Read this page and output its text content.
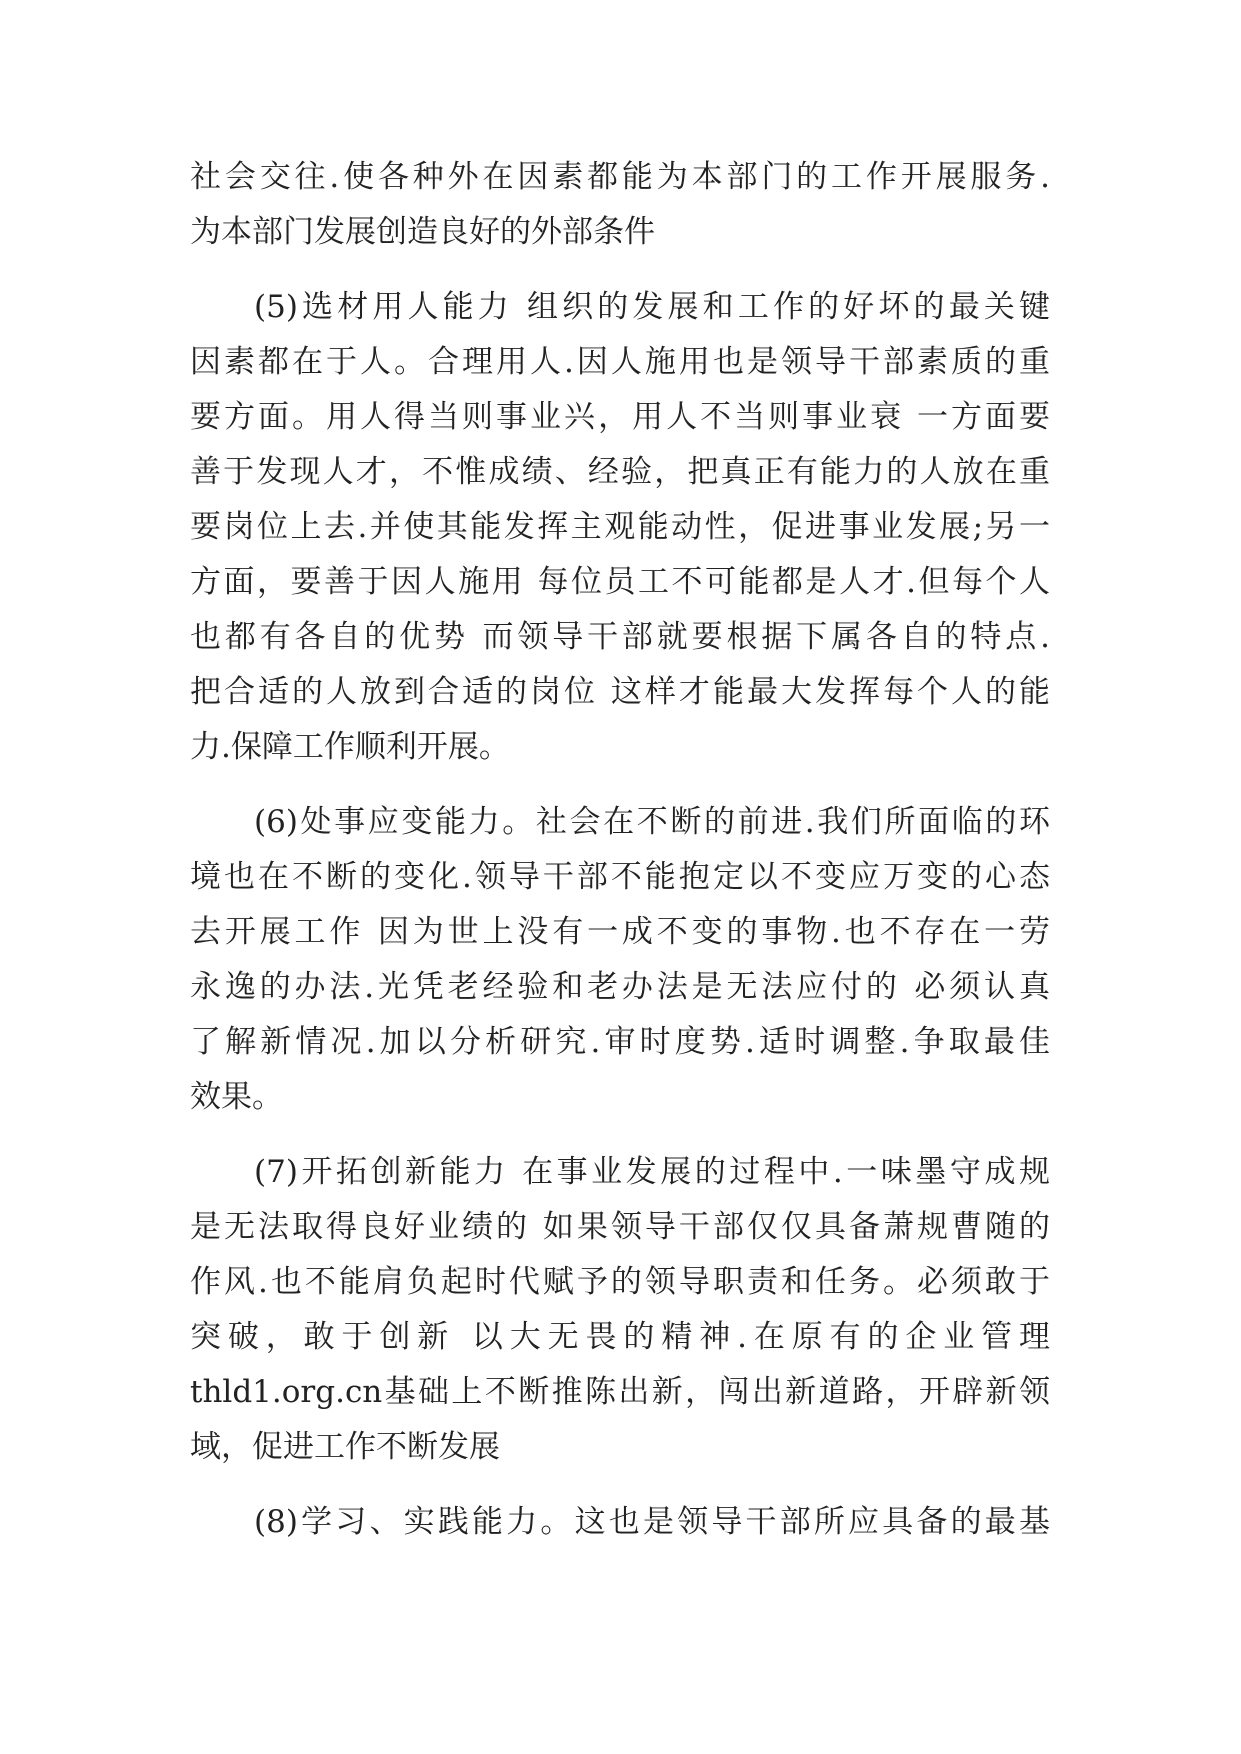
社会交往.使各种外在因素都能为本部门的工作开展服务.
为本部门发展创造良好的外部条件
(5)选材用人能力 组织的发展和工作的好坏的最关键
因素都在于人。合理用人.因人施用也是领导干部素质的重
要方面。用人得当则事业兴，用人不当则事业衰 一方面要
善于发现人才，不惟成绩、经验，把真正有能力的人放在重
要岗位上去.并使其能发挥主观能动性，促进事业发展;另一
方面，要善于因人施用 每位员工不可能都是人才.但每个人
也都有各自的优势 而领导干部就要根据下属各自的特点.
把合适的人放到合适的岗位 这样才能最大发挥每个人的能
力.保障工作顺利开展。
(6)处事应变能力。社会在不断的前进.我们所面临的环
境也在不断的变化.领导干部不能抱定以不变应万变的心态
去开展工作 因为世上没有一成不变的事物.也不存在一劳
永逸的办法.光凭老经验和老办法是无法应付的 必须认真
了解新情况.加以分析研究.审时度势.适时调整.争取最佳
效果。
(7)开拓创新能力 在事业发展的过程中.一味墨守成规
是无法取得良好业绩的 如果领导干部仅仅具备萧规曹随的
作风.也不能肩负起时代赋予的领导职责和任务。必须敢于
突破，敢于创新 以大无畏的精神.在原有的企业管理
thld1.org.cn基础上不断推陈出新，闯出新道路，开辟新领
域，促进工作不断发展
(8)学习、实践能力。这也是领导干部所应具备的最基
